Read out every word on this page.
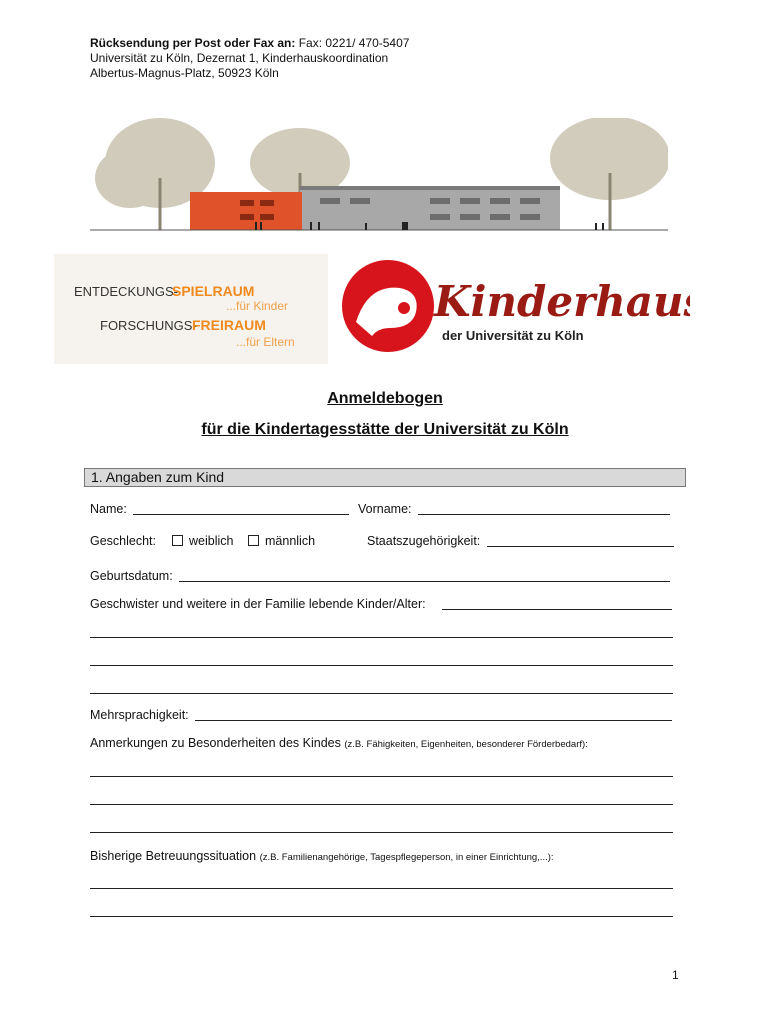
Rücksendung per Post oder Fax an: Fax: 0221/ 470-5407
Universität zu Köln, Dezernat 1, Kinderhauskoordination
Albertus-Magnus-Platz, 50923 Köln
ENTDECKUNGS-
SPIELRAUM
...für Kinder
FORSCHUNGS-
FREIRAUM
...für Eltern
Kinderhaus
der Universität zu Köln
Anmeldebogen
für die Kindertagesstätte der Universität zu Köln
1. Angaben zum Kind
Name:	Vorname:
Geschlecht:	weiblich	männlich	Staatszugehörigkeit:
Geburtsdatum:
Geschwister und weitere in der Familie lebende Kinder/Alter:
Mehrsprachigkeit:
Anmerkungen zu Besonderheiten des Kindes (z.B. Fähigkeiten, Eigenheiten, besonderer Förderbedarf):
Bisherige Betreuungssituation (z.B. Familienangehörige, Tagespflegeperson, in einer Einrichtung,...):
1
